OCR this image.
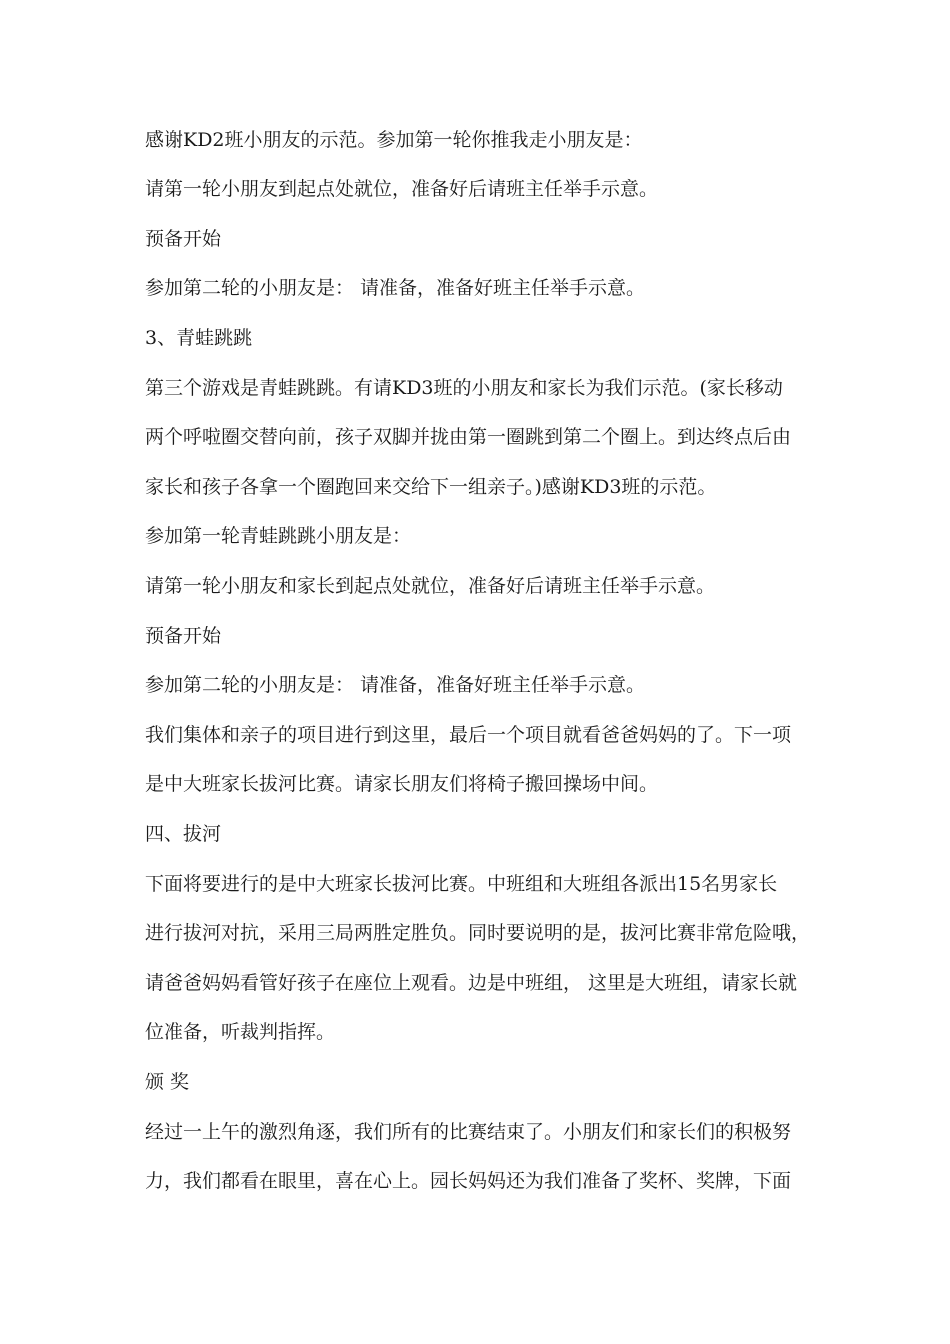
感谢KD2班小朋友的示范。参加第一轮你推我走小朋友是：
请第一轮小朋友到起点处就位，准备好后请班主任举手示意。
预备开始
参加第二轮的小朋友是： 请准备，准备好班主任举手示意。
3、青蛙跳跳
第三个游戏是青蛙跳跳。有请KD3班的小朋友和家长为我们示范。(家长移动
两个呼啦圈交替向前，孩子双脚并拢由第一圈跳到第二个圈上。到达终点后由
家长和孩子各拿一个圈跑回来交给下一组亲子。)感谢KD3班的示范。
参加第一轮青蛙跳跳小朋友是：
请第一轮小朋友和家长到起点处就位，准备好后请班主任举手示意。
预备开始
参加第二轮的小朋友是： 请准备，准备好班主任举手示意。
我们集体和亲子的项目进行到这里，最后一个项目就看爸爸妈妈的了。下一项
是中大班家长拔河比赛。请家长朋友们将椅子搬回操场中间。
四、拔河
下面将要进行的是中大班家长拔河比赛。中班组和大班组各派出15名男家长
进行拔河对抗，采用三局两胜定胜负。同时要说明的是，拔河比赛非常危险哦，
请爸爸妈妈看管好孩子在座位上观看。边是中班组， 这里是大班组，请家长就
位准备，听裁判指挥。
颁 奖
经过一上午的激烈角逐，我们所有的比赛结束了。小朋友们和家长们的积极努
力，我们都看在眼里，喜在心上。园长妈妈还为我们准备了奖杯、奖牌，下面
